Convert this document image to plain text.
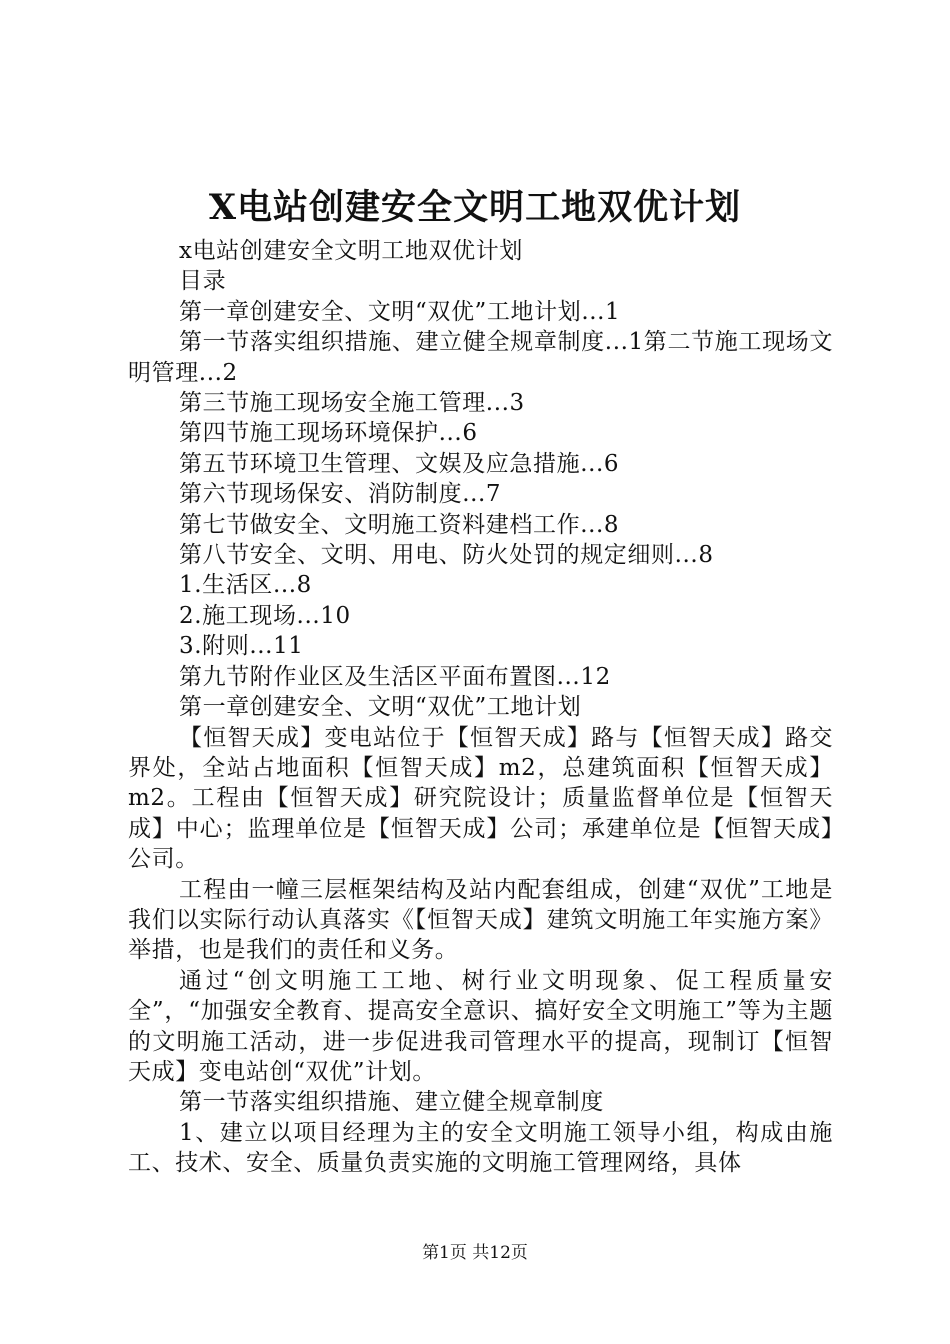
X电站创建安全文明工地双优计划

x电站创建安全文明工地双优计划

目录

第一章创建安全、文明“双优”工地计划...1

第一节落实组织措施、建立健全规章制度...1第二节施工现场文明管理...2

第三节施工现场安全施工管理...3

第四节施工现场环境保护...6

第五节环境卫生管理、文娱及应急措施...6

第六节现场保安、消防制度...7

第七节做安全、文明施工资料建档工作...8

第八节安全、文明、用电、防火处罚的规定细则...8

1.生活区...8

2.施工现场...10

3.附则...11

第九节附作业区及生活区平面布置图...12

第一章创建安全、文明“双优”工地计划

【恒智天成】变电站位于【恒智天成】路与【恒智天成】路交界处，全站占地面积【恒智天成】m2，总建筑面积【恒智天成】m2。工程由【恒智天成】研究院设计；质量监督单位是【恒智天成】中心；监理单位是【恒智天成】公司；承建单位是【恒智天成】公司。

工程由一幢三层框架结构及站内配套组成，创建“双优”工地是我们以实际行动认真落实《【恒智天成】建筑文明施工年实施方案》举措，也是我们的责任和义务。

通过“创文明施工工地、树行业文明现象、促工程质量安全”，“加强安全教育、提高安全意识、搞好安全文明施工”等为主题的文明施工活动，进一步促进我司管理水平的提高，现制订【恒智天成】变电站创“双优”计划。

第一节落实组织措施、建立健全规章制度

1、建立以项目经理为主的安全文明施工领导小组，构成由施工、技术、安全、质量负责实施的文明施工管理网络，具体

第1页 共12页
